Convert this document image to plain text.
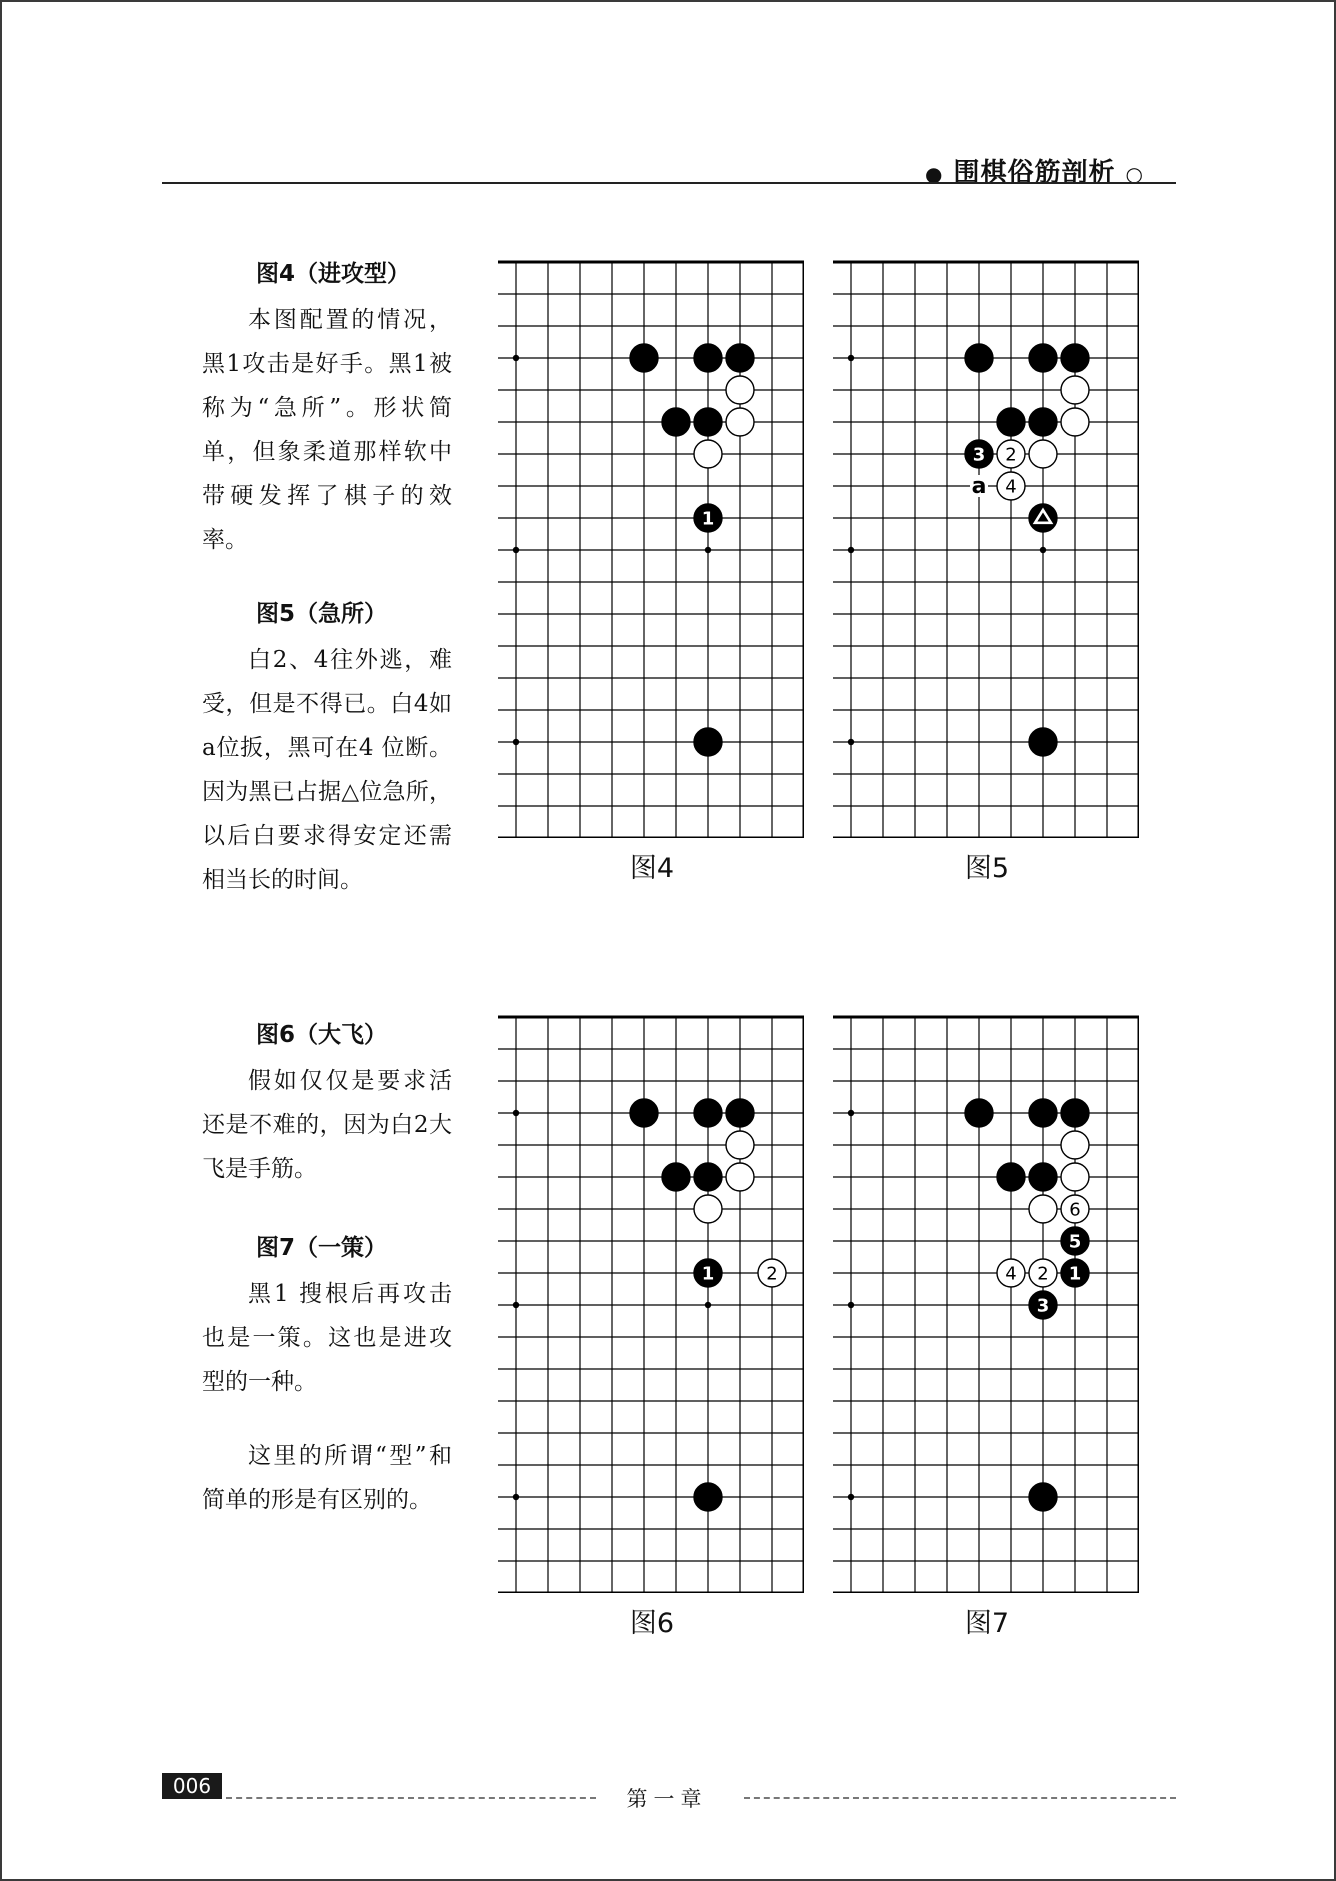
● 围棋俗筋剖析 ○
图4（进攻型）

本图配置的情况，黑1攻击是好手。黑1被称为“急所”。形状简单，但象柔道那样软中带硬发挥了棋子的效率。

图5（急所）

白2、4往外逃，难受，但是不得已。白4如a位扳，黑可在4 位断。因为黑已占据△位急所，以后白要求得安定还需相当长的时间。

图6（大飞）

假如仅仅是要求活还是不难的，因为白2大飞是手筋。

图7（一策）

黑1 搜根后再攻击也是一策。这也是进攻型的一种。

这里的所谓“型”和简单的形是有区别的。

1
3 2
4
a
1	2
6
5
4 2 1
3
图4	图5
图6	图7
006
第一章
